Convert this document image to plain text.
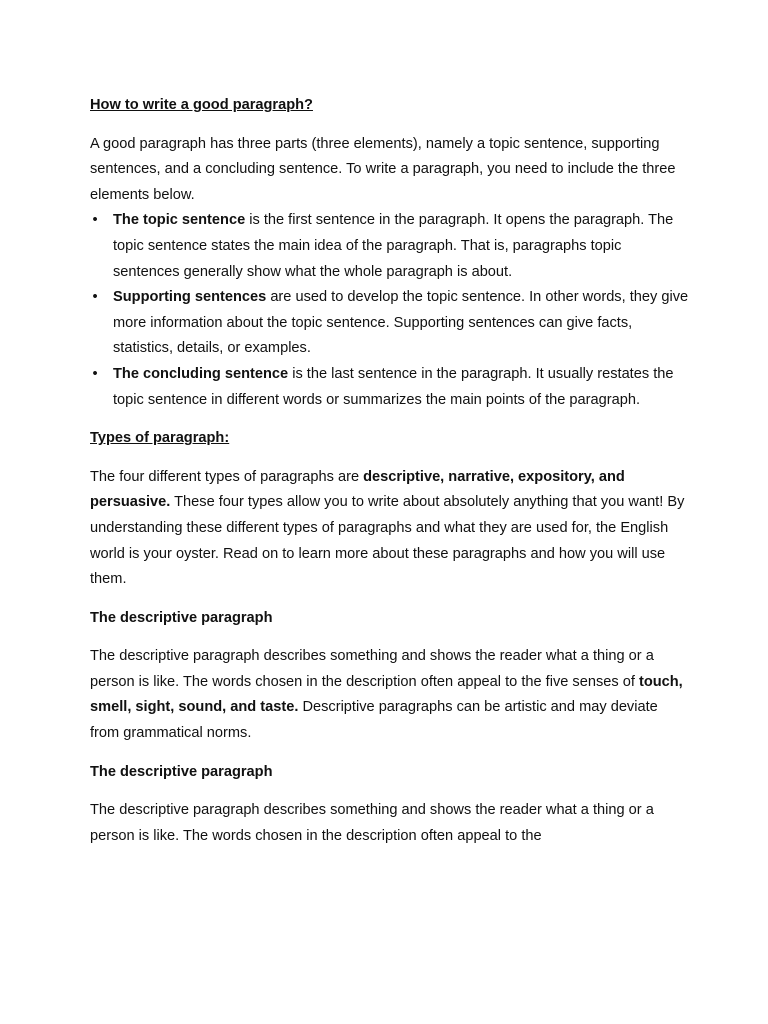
How to write a good paragraph?

A good paragraph has three parts (three elements), namely a topic sentence, supporting sentences, and a concluding sentence. To write a paragraph, you need to include the three elements below.

• The topic sentence is the first sentence in the paragraph. It opens the paragraph. The topic sentence states the main idea of the paragraph. That is, paragraphs topic sentences generally show what the whole paragraph is about.
• Supporting sentences are used to develop the topic sentence. In other words, they give more information about the topic sentence. Supporting sentences can give facts, statistics, details, or examples.
• The concluding sentence is the last sentence in the paragraph. It usually restates the topic sentence in different words or summarizes the main points of the paragraph.

Types of paragraph:

The four different types of paragraphs are descriptive, narrative, expository, and persuasive. These four types allow you to write about absolutely anything that you want! By understanding these different types of paragraphs and what they are used for, the English world is your oyster. Read on to learn more about these paragraphs and how you will use them.

The descriptive paragraph

The descriptive paragraph describes something and shows the reader what a thing or a person is like. The words chosen in the description often appeal to the five senses of touch, smell, sight, sound, and taste. Descriptive paragraphs can be artistic and may deviate from grammatical norms.

The descriptive paragraph

The descriptive paragraph describes something and shows the reader what a thing or a person is like. The words chosen in the description often appeal to the
